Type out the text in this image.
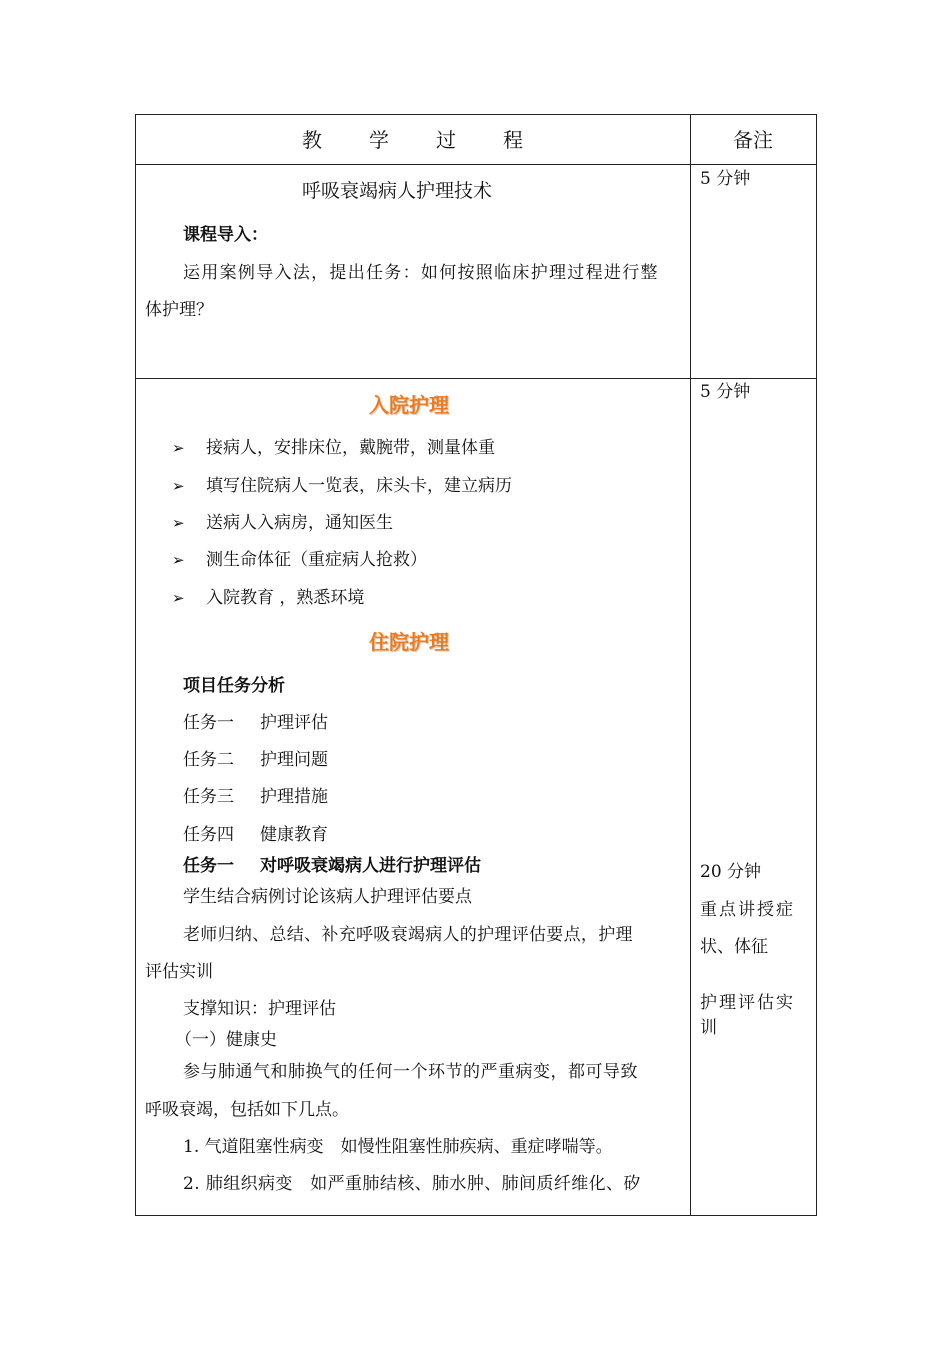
教 学 过 程	备注
呼吸衰竭病人护理技术
课程导入：
运用案例导入法，提出任务：如何按照临床护理过程进行整
体护理？
5 分钟
5 分钟
入院护理
➢ 接病人，安排床位，戴腕带，测量体重
➢ 填写住院病人一览表，床头卡，建立病历
➢ 送病人入病房，通知医生
➢ 测生命体征（重症病人抢救）
➢ 入院教育 ，熟悉环境
住院护理
项目任务分析
任务一 护理评估
任务二 护理问题
任务三 护理措施
任务四 健康教育
任务一 对呼吸衰竭病人进行护理评估
学生结合病例讨论该病人护理评估要点
老师归纳、总结、补充呼吸衰竭病人的护理评估要点，护理
评估实训
支撑知识：护理评估
（一）健康史
参与肺通气和肺换气的任何一个环节的严重病变，都可导致
呼吸衰竭，包括如下几点。
1. 气道阻塞性病变　如慢性阻塞性肺疾病、重症哮喘等。
2. 肺组织病变　如严重肺结核、肺水肿、肺间质纤维化、矽
20 分钟
重点讲授症
状、体征
护理评估实
训
